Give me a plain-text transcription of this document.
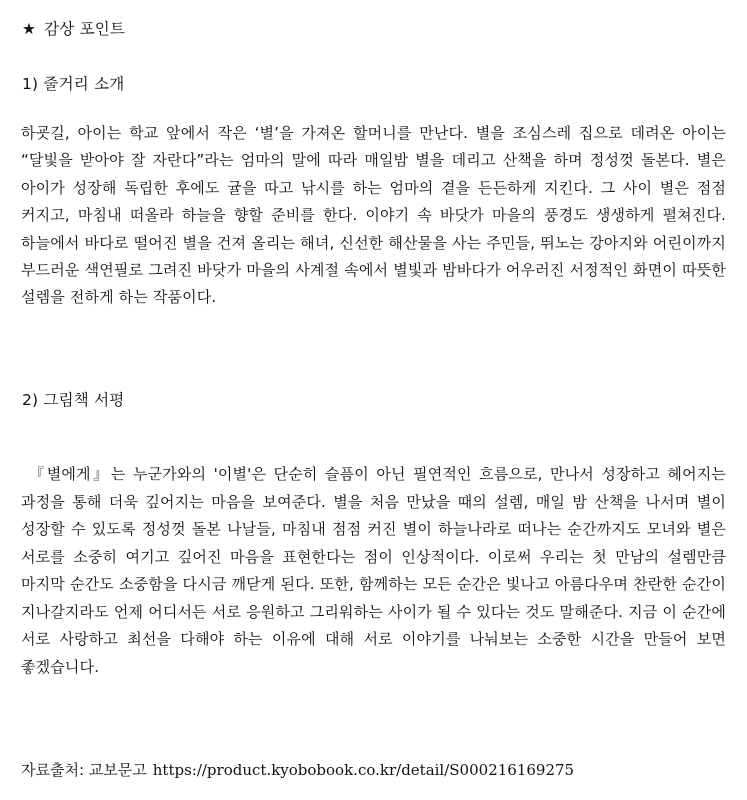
★ 감상 포인트
1) 줄거리 소개
하굣길, 아이는 학교 앞에서 작은 ‘별’을 가져온 할머니를 만난다. 별을 조심스레 집으로 데려온 아이는 “달빛을 받아야 잘 자란다”라는 엄마의 말에 따라 매일밤 별을 데리고 산책을 하며 정성껏 돌본다. 별은 아이가 성장해 독립한 후에도 귤을 따고 낚시를 하는 엄마의 곁을 든든하게 지킨다. 그 사이 별은 점점 커지고, 마침내 떠올라 하늘을 향할 준비를 한다. 이야기 속 바닷가 마을의 풍경도 생생하게 펼쳐진다. 하늘에서 바다로 떨어진 별을 건져 올리는 해녀, 신선한 해산물을 사는 주민들, 뛰노는 강아지와 어린이까지 부드러운 색연필로 그려진 바닷가 마을의 사계절 속에서 별빛과 밤바다가 어우러진 서정적인 화면이 따뜻한 설렘을 전하게 하는 작품이다.
2) 그림책 서평
『별에게』는 누군가와의 '이별'은 단순히 슬픔이 아닌 필연적인 흐름으로, 만나서 성장하고 헤어지는 과정을 통해 더욱 깊어지는 마음을 보여준다. 별을 처음 만났을 때의 설렘, 매일 밤 산책을 나서며 별이 성장할 수 있도록 정성껏 돌본 나날들, 마침내 점점 커진 별이 하늘나라로 떠나는 순간까지도 모녀와 별은 서로를 소중히 여기고 깊어진 마음을 표현한다는 점이 인상적이다. 이로써 우리는 첫 만남의 설렘만큼 마지막 순간도 소중함을 다시금 깨닫게 된다. 또한, 함께하는 모든 순간은 빛나고 아름다우며 찬란한 순간이 지나갈지라도 언제 어디서든 서로 응원하고 그리워하는 사이가 될 수 있다는 것도 말해준다. 지금 이 순간에 서로 사랑하고 최선을 다해야 하는 이유에 대해 서로 이야기를 나눠보는 소중한 시간을 만들어 보면 좋겠습니다.
자료출처: 교보문고 https://product.kyobobook.co.kr/detail/S000216169275
